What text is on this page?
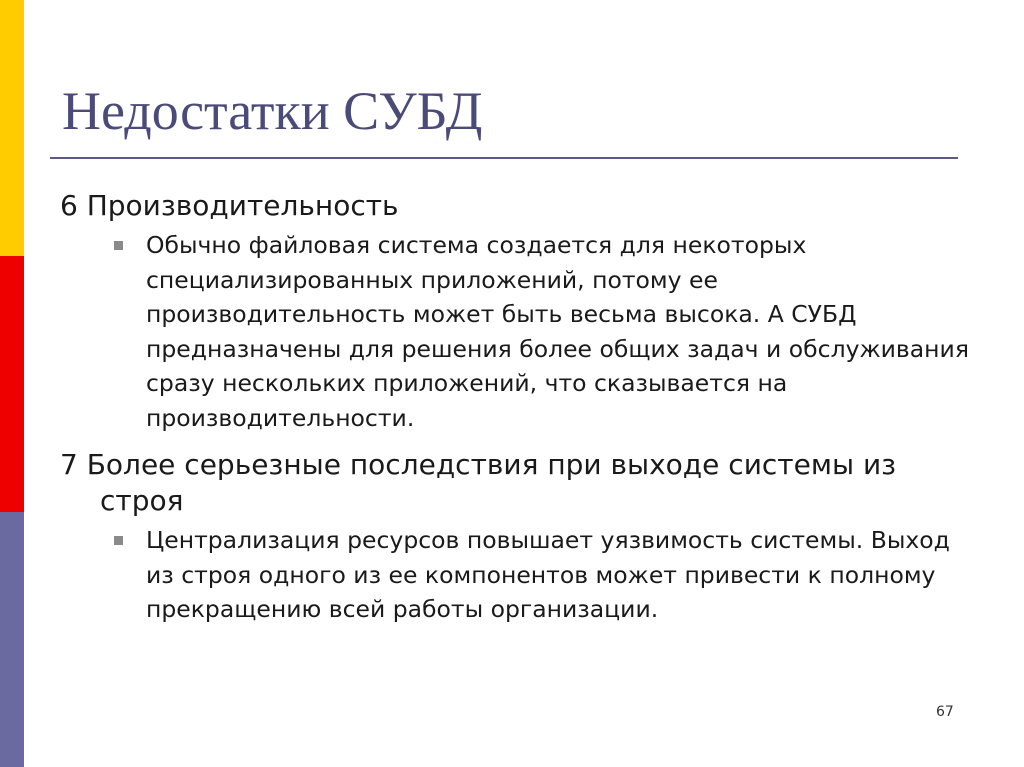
Недостатки СУБД
6 Производительность
Обычно файловая система создается для некоторых специализированных приложений, потому ее производительность может быть весьма высока. А СУБД предназначены для решения более общих задач и обслуживания сразу нескольких приложений, что сказывается на производительности.
7 Более серьезные последствия при выходе системы из строя
Централизация ресурсов повышает уязвимость системы. Выход из строя одного из ее компонентов может привести к полному прекращению всей работы организации.
67
